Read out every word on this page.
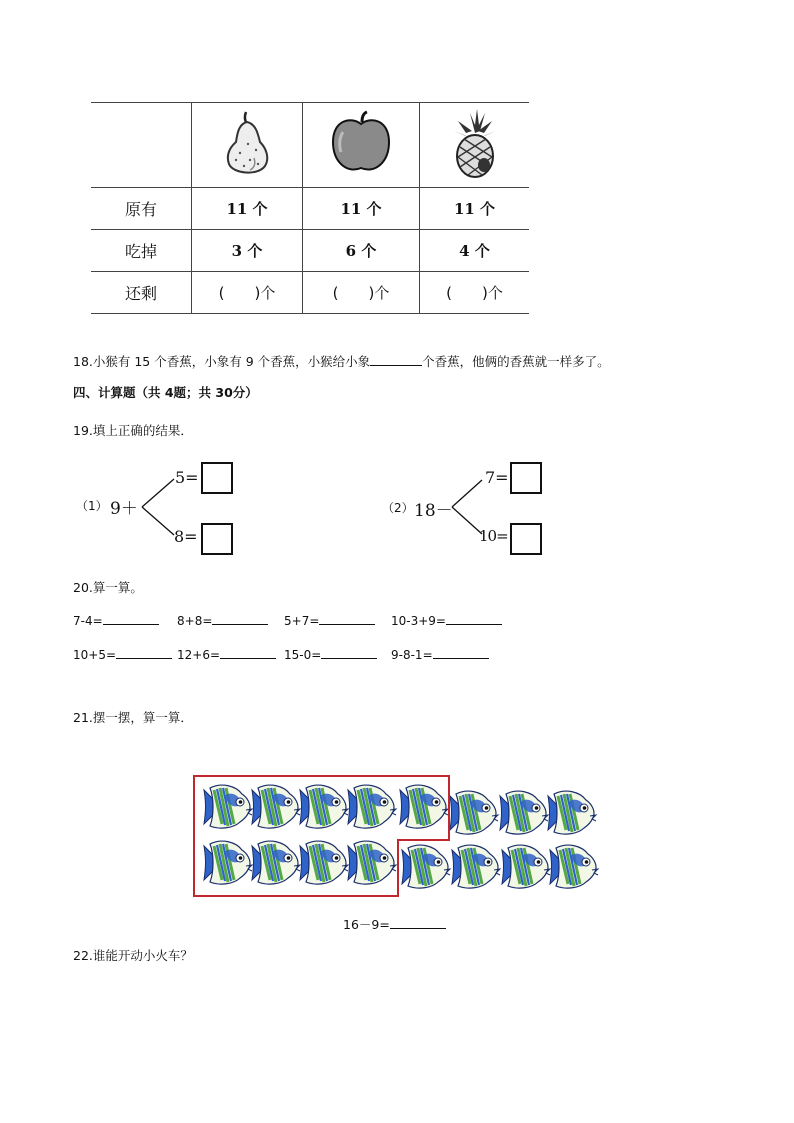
原有	11 个	11 个	11 个
吃掉	3 个	6 个	4 个
还剩	(　　)个	(　　)个	(　　)个
18.小猴有 15 个香蕉，小象有 9 个香蕉，小猴给小象	个香蕉，他俩的香蕉就一样多了。
四、计算题（共 4题；共 30分）
19.填上正确的结果．
（1） 9＋
5=
8=
（2） 18－
7=
10=
20.算一算。
7-4=	8+8=	5+7=	10-3+9=
10+5=	12+6=	15-0=	9-8-1=
21.摆一摆，算一算．
16－9=
22.谁能开动小火车？
